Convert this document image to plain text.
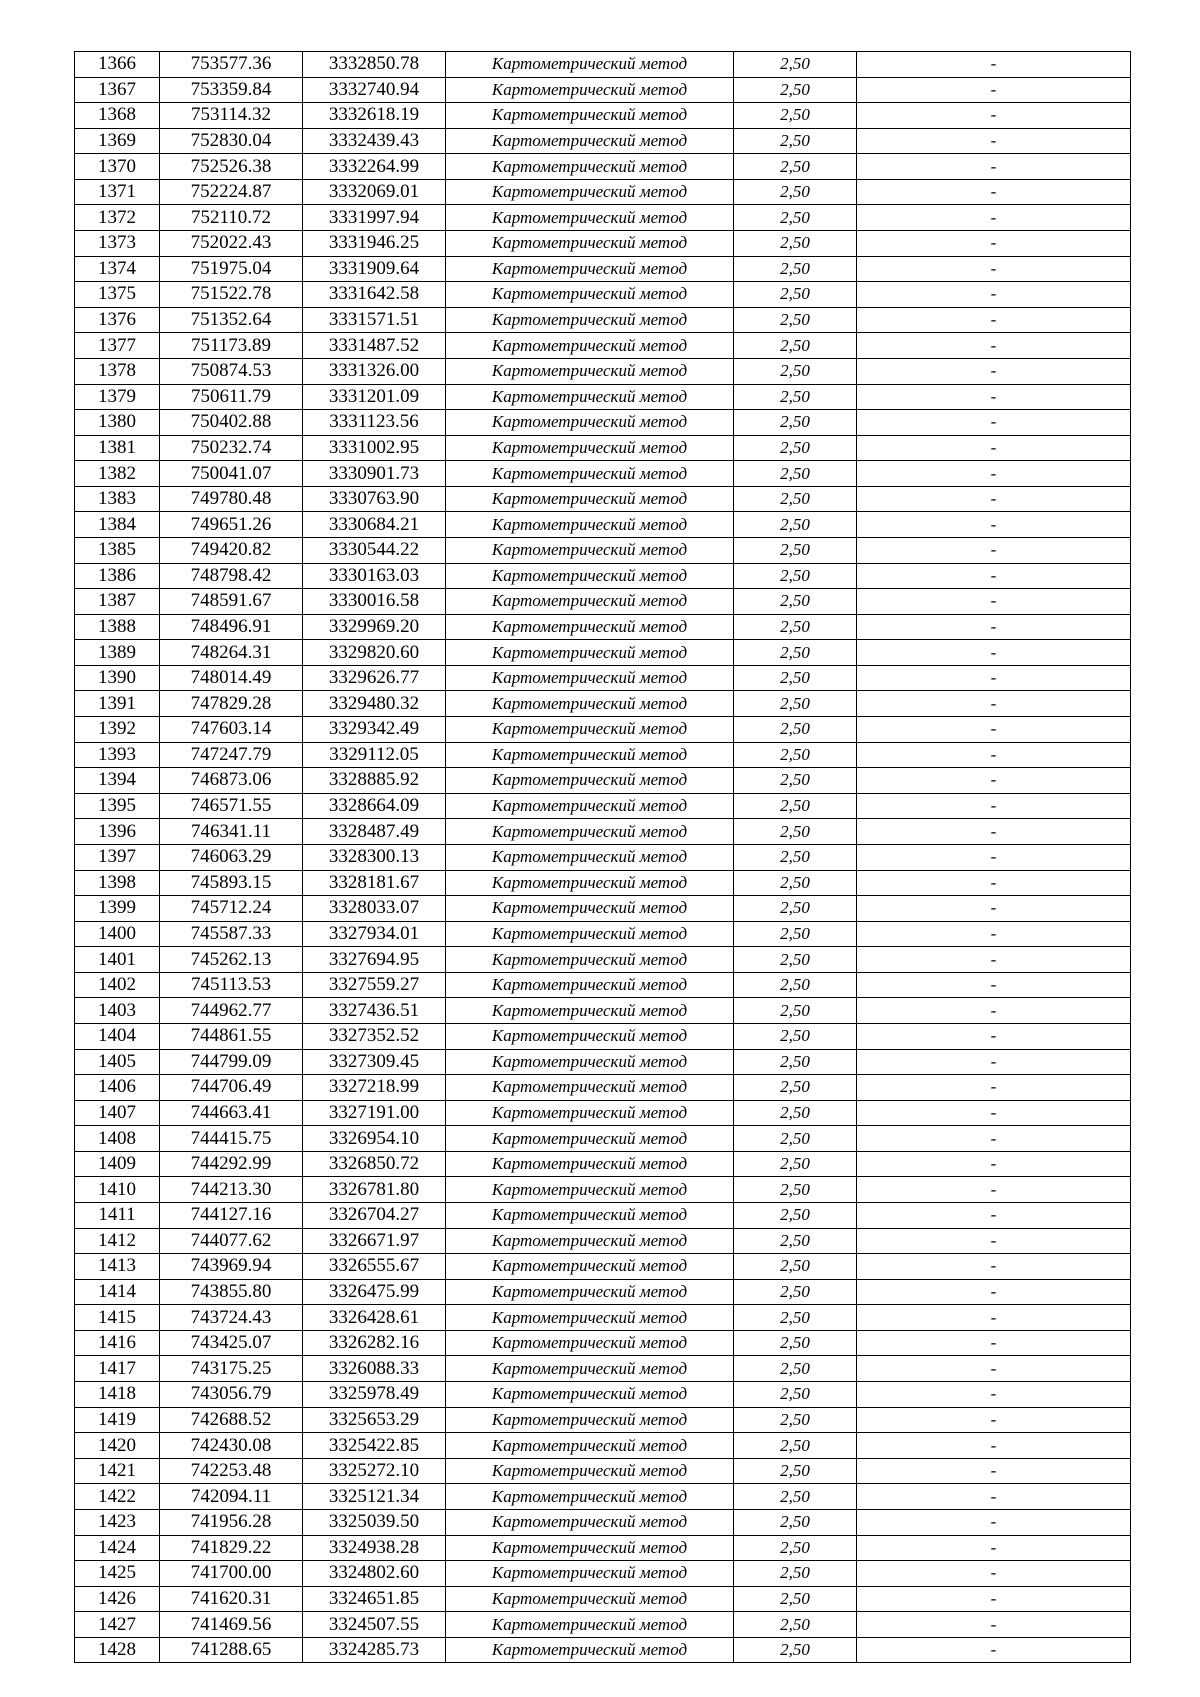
1366	753577.36	3332850.78	Картометрический метод	2,50	-
1367	753359.84	3332740.94	Картометрический метод	2,50	-
1368	753114.32	3332618.19	Картометрический метод	2,50	-
1369	752830.04	3332439.43	Картометрический метод	2,50	-
1370	752526.38	3332264.99	Картометрический метод	2,50	-
1371	752224.87	3332069.01	Картометрический метод	2,50	-
1372	752110.72	3331997.94	Картометрический метод	2,50	-
1373	752022.43	3331946.25	Картометрический метод	2,50	-
1374	751975.04	3331909.64	Картометрический метод	2,50	-
1375	751522.78	3331642.58	Картометрический метод	2,50	-
1376	751352.64	3331571.51	Картометрический метод	2,50	-
1377	751173.89	3331487.52	Картометрический метод	2,50	-
1378	750874.53	3331326.00	Картометрический метод	2,50	-
1379	750611.79	3331201.09	Картометрический метод	2,50	-
1380	750402.88	3331123.56	Картометрический метод	2,50	-
1381	750232.74	3331002.95	Картометрический метод	2,50	-
1382	750041.07	3330901.73	Картометрический метод	2,50	-
1383	749780.48	3330763.90	Картометрический метод	2,50	-
1384	749651.26	3330684.21	Картометрический метод	2,50	-
1385	749420.82	3330544.22	Картометрический метод	2,50	-
1386	748798.42	3330163.03	Картометрический метод	2,50	-
1387	748591.67	3330016.58	Картометрический метод	2,50	-
1388	748496.91	3329969.20	Картометрический метод	2,50	-
1389	748264.31	3329820.60	Картометрический метод	2,50	-
1390	748014.49	3329626.77	Картометрический метод	2,50	-
1391	747829.28	3329480.32	Картометрический метод	2,50	-
1392	747603.14	3329342.49	Картометрический метод	2,50	-
1393	747247.79	3329112.05	Картометрический метод	2,50	-
1394	746873.06	3328885.92	Картометрический метод	2,50	-
1395	746571.55	3328664.09	Картометрический метод	2,50	-
1396	746341.11	3328487.49	Картометрический метод	2,50	-
1397	746063.29	3328300.13	Картометрический метод	2,50	-
1398	745893.15	3328181.67	Картометрический метод	2,50	-
1399	745712.24	3328033.07	Картометрический метод	2,50	-
1400	745587.33	3327934.01	Картометрический метод	2,50	-
1401	745262.13	3327694.95	Картометрический метод	2,50	-
1402	745113.53	3327559.27	Картометрический метод	2,50	-
1403	744962.77	3327436.51	Картометрический метод	2,50	-
1404	744861.55	3327352.52	Картометрический метод	2,50	-
1405	744799.09	3327309.45	Картометрический метод	2,50	-
1406	744706.49	3327218.99	Картометрический метод	2,50	-
1407	744663.41	3327191.00	Картометрический метод	2,50	-
1408	744415.75	3326954.10	Картометрический метод	2,50	-
1409	744292.99	3326850.72	Картометрический метод	2,50	-
1410	744213.30	3326781.80	Картометрический метод	2,50	-
1411	744127.16	3326704.27	Картометрический метод	2,50	-
1412	744077.62	3326671.97	Картометрический метод	2,50	-
1413	743969.94	3326555.67	Картометрический метод	2,50	-
1414	743855.80	3326475.99	Картометрический метод	2,50	-
1415	743724.43	3326428.61	Картометрический метод	2,50	-
1416	743425.07	3326282.16	Картометрический метод	2,50	-
1417	743175.25	3326088.33	Картометрический метод	2,50	-
1418	743056.79	3325978.49	Картометрический метод	2,50	-
1419	742688.52	3325653.29	Картометрический метод	2,50	-
1420	742430.08	3325422.85	Картометрический метод	2,50	-
1421	742253.48	3325272.10	Картометрический метод	2,50	-
1422	742094.11	3325121.34	Картометрический метод	2,50	-
1423	741956.28	3325039.50	Картометрический метод	2,50	-
1424	741829.22	3324938.28	Картометрический метод	2,50	-
1425	741700.00	3324802.60	Картометрический метод	2,50	-
1426	741620.31	3324651.85	Картометрический метод	2,50	-
1427	741469.56	3324507.55	Картометрический метод	2,50	-
1428	741288.65	3324285.73	Картометрический метод	2,50	-
